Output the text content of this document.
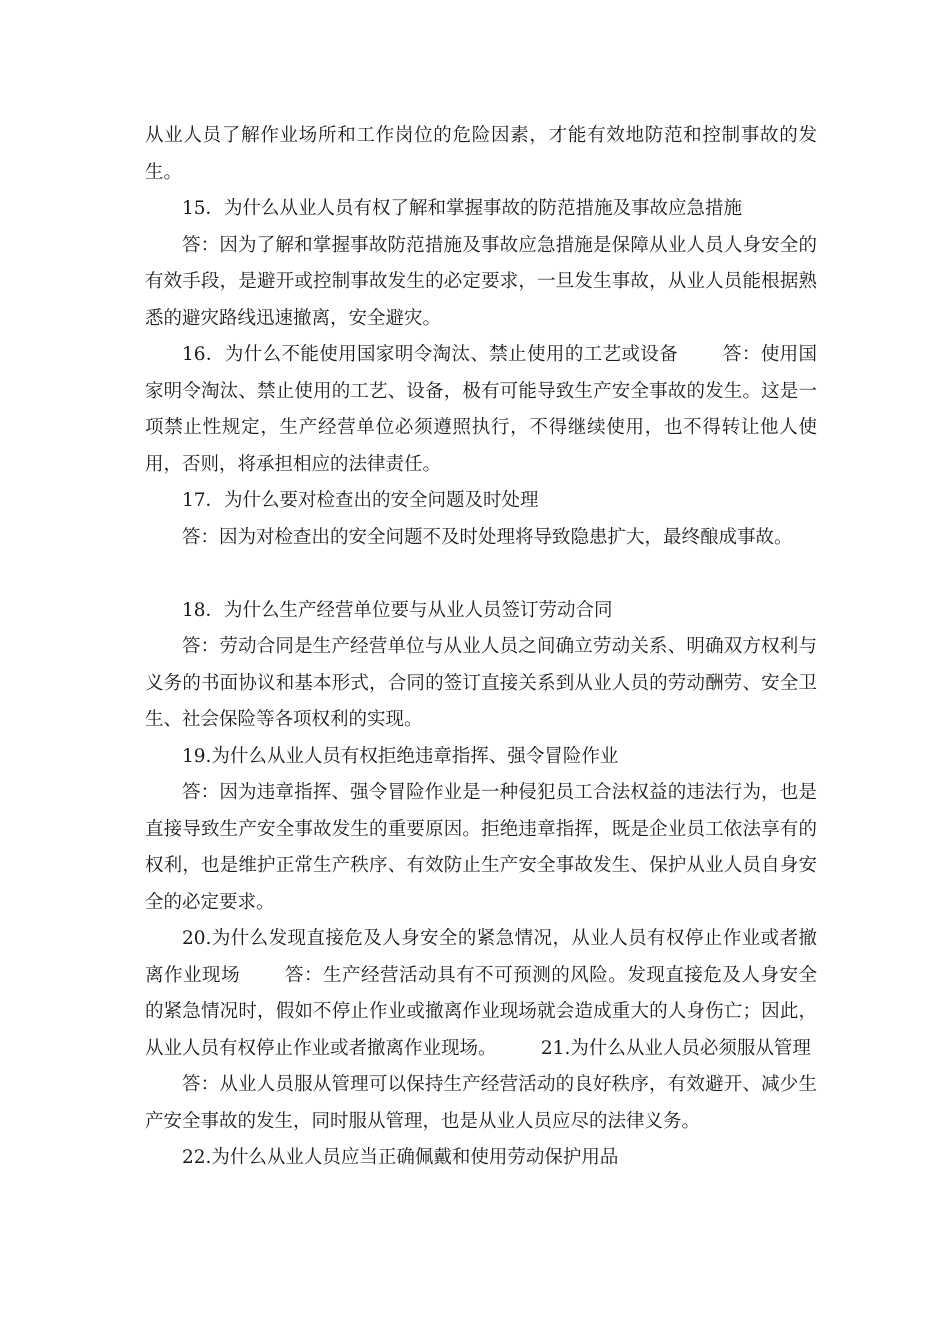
从业人员了解作业场所和工作岗位的危险因素，才能有效地防范和控制事故的发生。

15．为什么从业人员有权了解和掌握事故的防范措施及事故应急措施

答：因为了解和掌握事故防范措施及事故应急措施是保障从业人员人身安全的有效手段，是避开或控制事故发生的必定要求，一旦发生事故，从业人员能根据熟悉的避灾路线迅速撤离，安全避灾。

16．为什么不能使用国家明令淘汰、禁止使用的工艺或设备 答：使用国家明令淘汰、禁止使用的工艺、设备，极有可能导致生产安全事故的发生。这是一项禁止性规定，生产经营单位必须遵照执行，不得继续使用，也不得转让他人使用，否则，将承担相应的法律责任。

17．为什么要对检查出的安全问题及时处理

答：因为对检查出的安全问题不及时处理将导致隐患扩大，最终酿成事故。

18．为什么生产经营单位要与从业人员签订劳动合同

答：劳动合同是生产经营单位与从业人员之间确立劳动关系、明确双方权利与义务的书面协议和基本形式，合同的签订直接关系到从业人员的劳动酬劳、安全卫生、社会保险等各项权利的实现。

19.为什么从业人员有权拒绝违章指挥、强令冒险作业

答：因为违章指挥、强令冒险作业是一种侵犯员工合法权益的违法行为，也是直接导致生产安全事故发生的重要原因。拒绝违章指挥，既是企业员工依法享有的权利，也是维护正常生产秩序、有效防止生产安全事故发生、保护从业人员自身安全的必定要求。

20.为什么发现直接危及人身安全的紧急情况，从业人员有权停止作业或者撤离作业现场 答：生产经营活动具有不可预测的风险。发现直接危及人身安全的紧急情况时，假如不停止作业或撤离作业现场就会造成重大的人身伤亡；因此，从业人员有权停止作业或者撤离作业现场。 21.为什么从业人员必须服从管理

答：从业人员服从管理可以保持生产经营活动的良好秩序，有效避开、减少生产安全事故的发生，同时服从管理，也是从业人员应尽的法律义务。

22.为什么从业人员应当正确佩戴和使用劳动保护用品
